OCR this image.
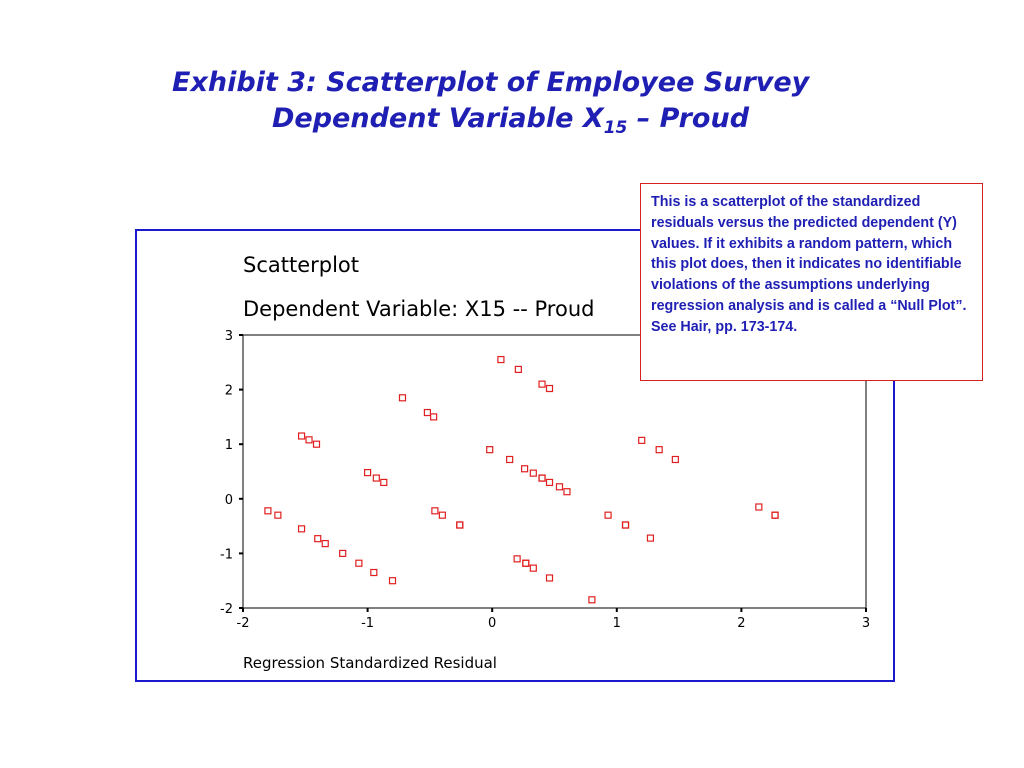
Exhibit 3: Scatterplot of Employee Survey
Dependent Variable $X_{15}$ – Proud
Scatterplot
Dependent Variable: X15 -- Proud
-2
-1
0
1
2
3
-2	-1	0	1	2	3
Regression Standardized Residual
This is a scatterplot of the standardized residuals versus the predicted dependent (Y) values. If it exhibits a random pattern, which this plot does, then it indicates no identifiable violations of the assumptions underlying regression analysis and is called a “Null Plot”. See Hair, pp. 173-174.
